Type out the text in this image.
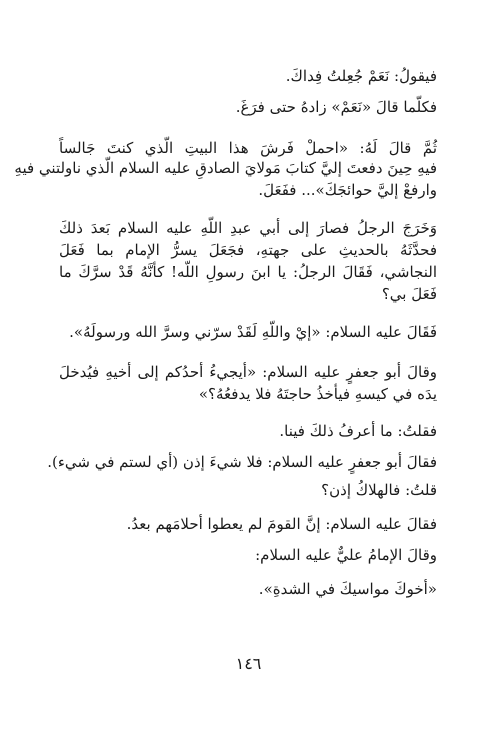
فيقولُ: نَعَمْ جُعِلتُ فِداكَ.
فكلّما قالَ «نَعَمْ» زادهُ حتى فرَغَ.
ثُمَّ قالَ لَهُ: «احملْ فَرشَ هذا البيتِ الّذي كنتَ جَالساً
فيهِ حِينَ دفعتَ إليَّ كتابَ مَولايَ الصادقِ عليه السلام الّذي ناولتني فيهِ
وارفعْ إليَّ حوائجَكَ»... ففَعَلَ.
وَخَرَجَ الرجلُ فصارَ إلى أبي عبدِ اللّهِ عليه السلام بَعدَ ذلكَ
فحدَّثَهُ بالحديثِ على جهتهِ، فجَعَلَ يسرُّ الإمام بما فَعَلَ
النجاشي، فَقَالَ الرجلُ: يا ابنَ رسولِ اللّه! كأنَّهُ قَدْ سرَّكَ ما
فَعَلَ بي؟
فَقَالَ عليه السلام: «إيْ واللّهِ لَقَدْ سرّني وسرَّ الله ورسولَهُ».
وقالَ أبو جعفرٍ عليه السلام: «أيجيءُ أحدُكم إلى أخيهِ فيُدخلَ
يدَه في كيسهِ فيأخذُ حاجتَهُ فلا يدفعُهُ؟»
فقلتُ: ما أعرفُ ذلكَ فينا.
فقالَ أبو جعفرٍ عليه السلام: فلا شيءَ إذن (أي لستم في شيء).
قلتُ: فالهلاكُ إذن؟
فقالَ عليه السلام: إنَّ القومَ لم يعطوا أحلامَهم بعدُ.
وقالَ الإمامُ عليٌّ عليه السلام:
«أخوكَ مواسيكَ في الشدةِ».
١٤٦
